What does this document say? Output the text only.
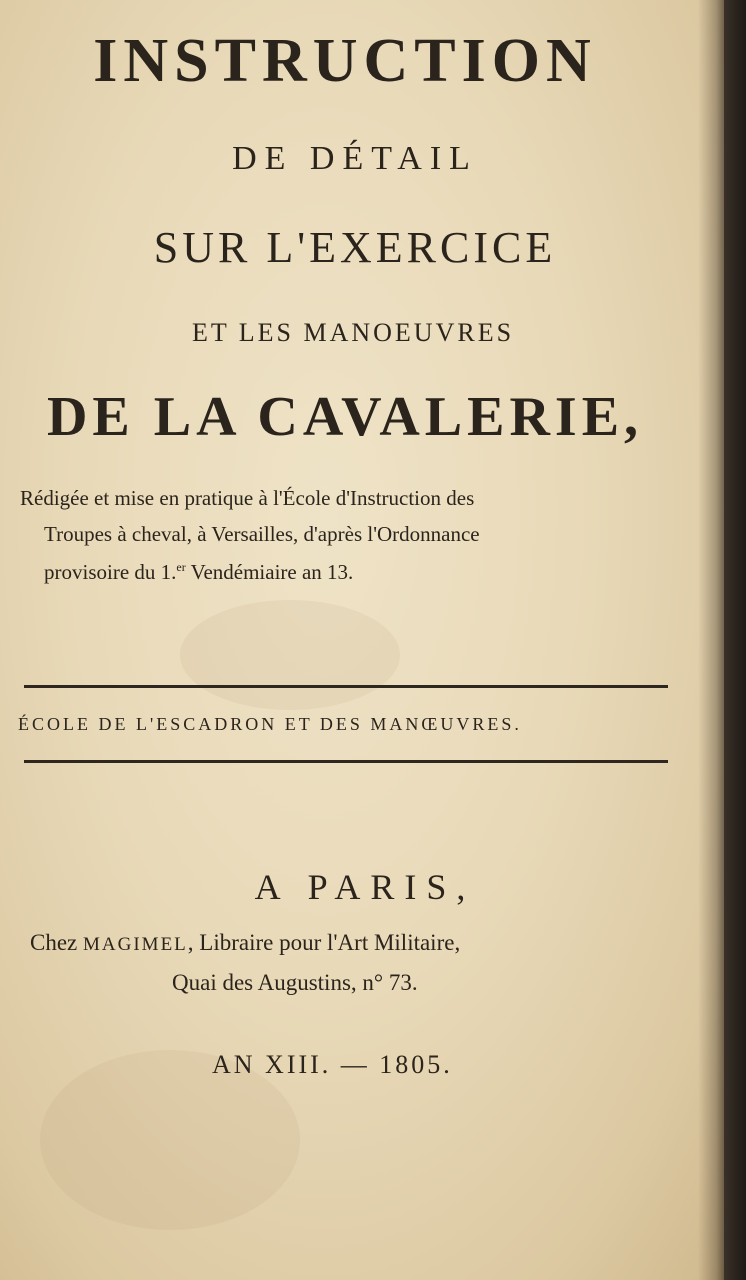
INSTRUCTION
DE DÉTAIL
SUR L'EXERCICE
ET LES MANOEUVRES
DE LA CAVALERIE,
Rédigée et mise en pratique à l'École d'Instruction des
Troupes à cheval, à Versailles, d'après l'Ordonnance
provisoire du 1.$^{er}$ Vendémiaire an 13.
ÉCOLE DE L'ESCADRON ET DES MANŒUVRES.
A PARIS,
Chez MAGIMEL, Libraire pour l'Art Militaire,
Quai des Augustins, n° 73.
AN XIII. — 1805.
